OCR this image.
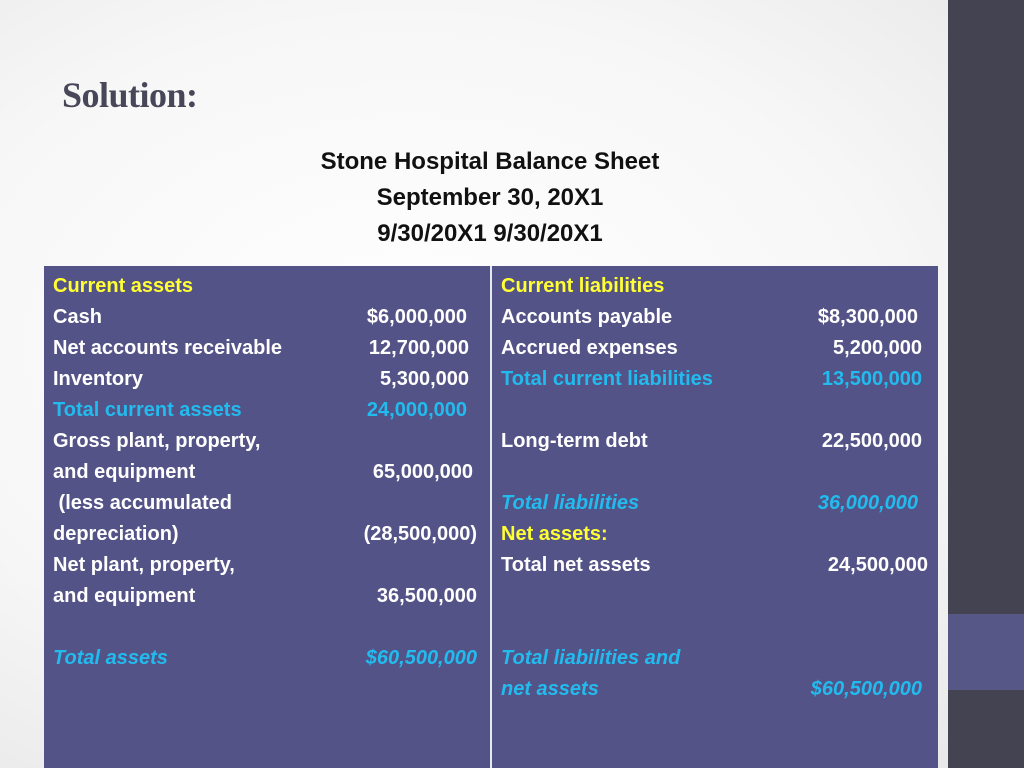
Solution:
Stone Hospital Balance Sheet
September 30, 20X1
9/30/20X1 9/30/20X1
Current assets
Cash	$6,000,000
Net accounts receivable	12,700,000
Inventory	5,300,000
Total current assets	24,000,000
Gross plant, property,
and equipment	65,000,000
(less accumulated
depreciation)	(28,500,000)
Net plant, property,
and equipment	36,500,000
Total assets	$60,500,000
Current liabilities
Accounts payable	$8,300,000
Accrued expenses	5,200,000
Total current liabilities	13,500,000
Long-term debt	22,500,000
Total liabilities	36,000,000
Net assets:
Total net assets	24,500,000
Total liabilities and
net assets	$60,500,000
